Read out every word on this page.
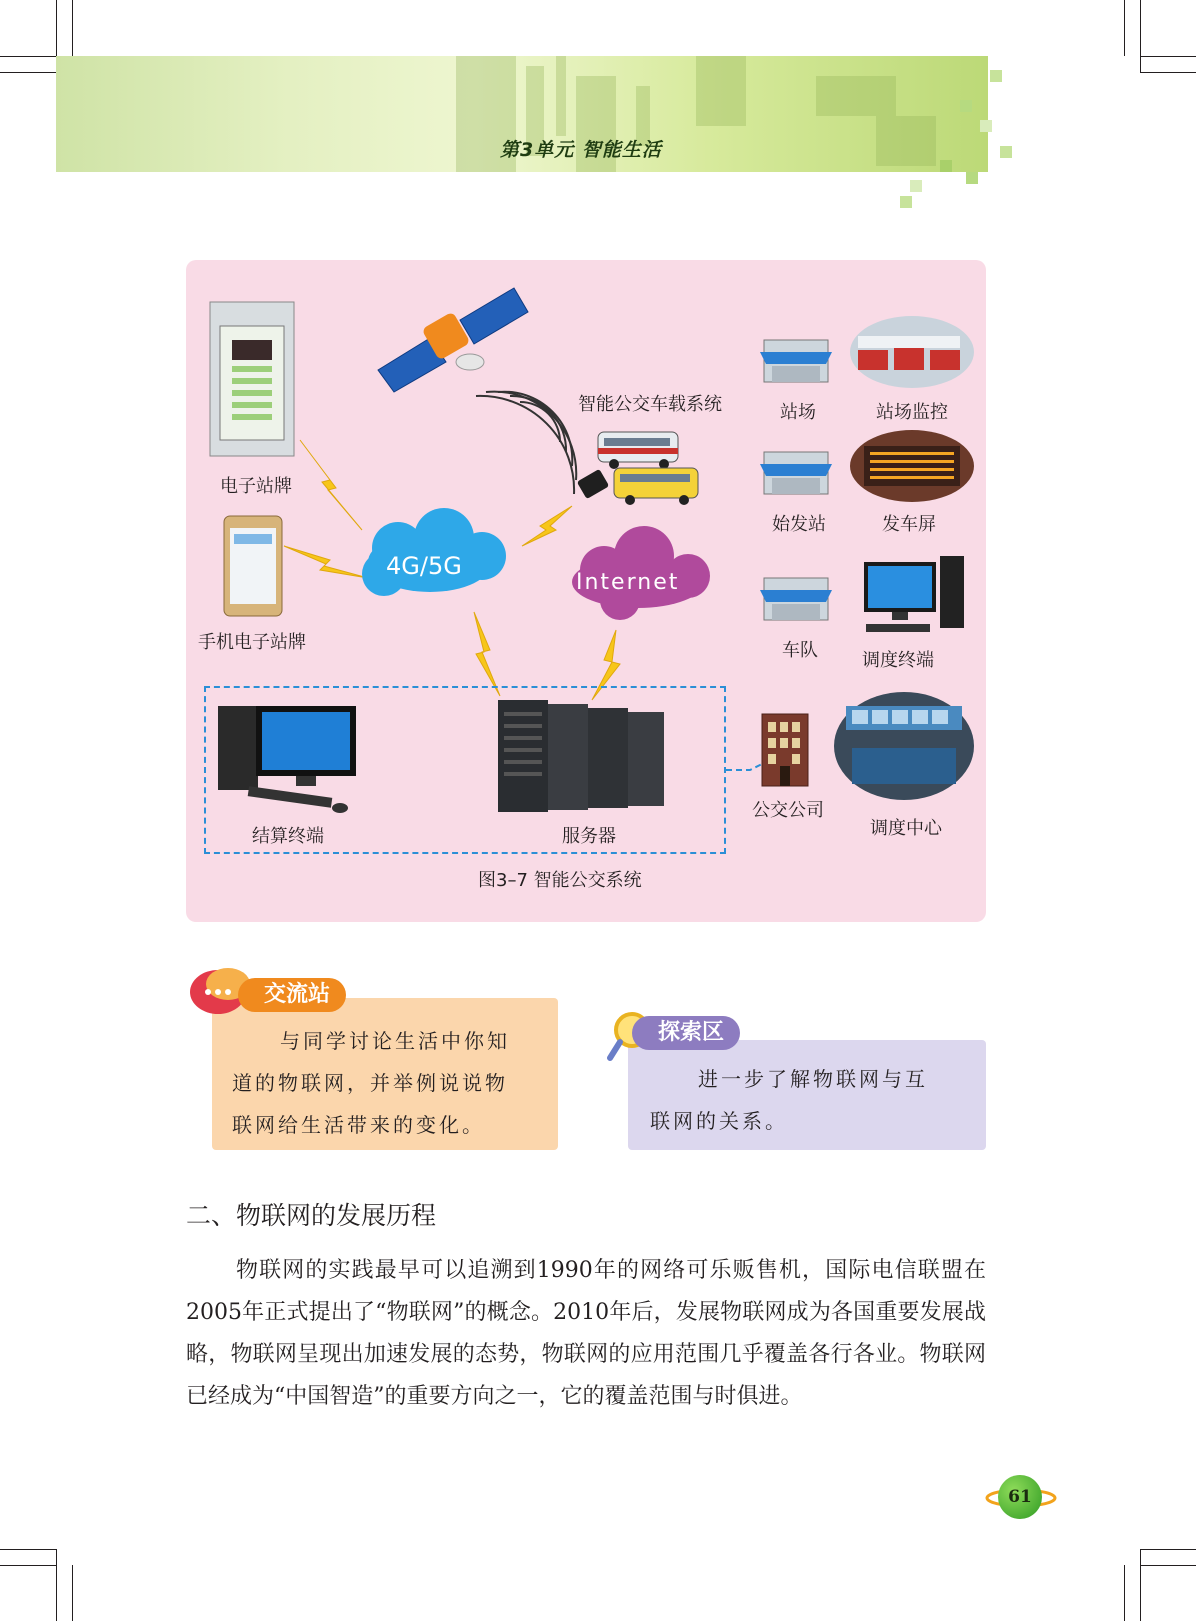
第3单元 智能生活
电子站牌
手机电子站牌
智能公交车载系统
4G/5G
Internet
站场	站场监控
始发站	发车屏
车队 调度终端
公交公司
调度中心
结算终端	服务器
图3–7 智能公交系统
交流站
与同学讨论生活中你知
道的物联网，并举例说说物
联网给生活带来的变化。
探索区
进一步了解物联网与互
联网的关系。
二、物联网的发展历程
物联网的实践最早可以追溯到1990年的网络可乐贩售机，国际电信联盟在2005年正式提出了“物联网”的概念。2010年后，发展物联网成为各国重要发展战略，物联网呈现出加速发展的态势，物联网的应用范围几乎覆盖各行各业。物联网已经成为“中国智造”的重要方向之一，它的覆盖范围与时俱进。
61
